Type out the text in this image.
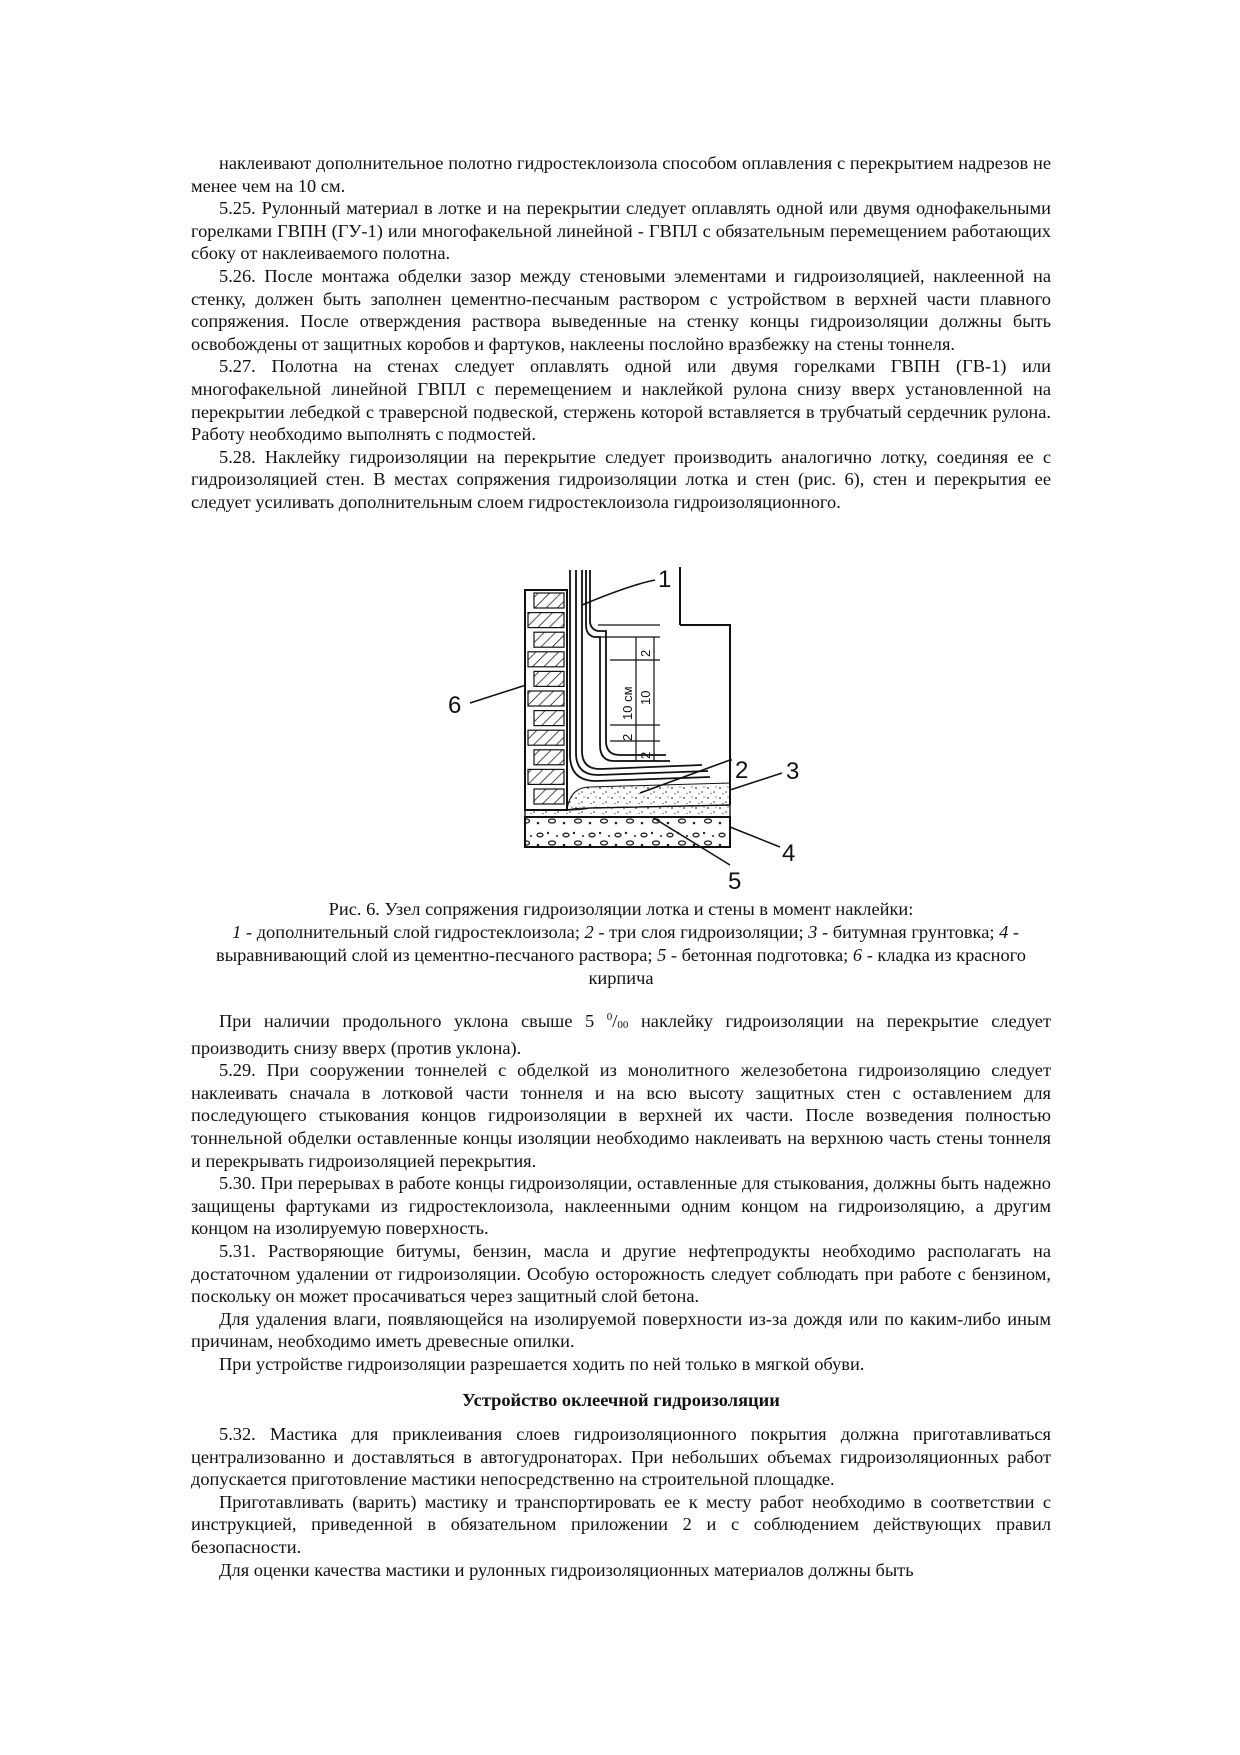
наклеивают дополнительное полотно гидростеклоизола способом оплавления с перекрытием надрезов не менее чем на 10 см.

5.25. Рулонный материал в лотке и на перекрытии следует оплавлять одной или двумя однофакельными горелками ГВПН (ГУ-1) или многофакельной линейной - ГВПЛ с обязательным перемещением работающих сбоку от наклеиваемого полотна.

5.26. После монтажа обделки зазор между стеновыми элементами и гидроизоляцией, наклеенной на стенку, должен быть заполнен цементно-песчаным раствором с устройством в верхней части плавного сопряжения. После отверждения раствора выведенные на стенку концы гидроизоляции должны быть освобождены от защитных коробов и фартуков, наклеены послойно вразбежку на стены тоннеля.

5.27. Полотна на стенах следует оплавлять одной или двумя горелками ГВПН (ГВ-1) или многофакельной линейной ГВПЛ с перемещением и наклейкой рулона снизу вверх установленной на перекрытии лебедкой с траверсной подвеской, стержень которой вставляется в трубчатый сердечник рулона. Работу необходимо выполнять с подмостей.

5.28. Наклейку гидроизоляции на перекрытие следует производить аналогично лотку, соединяя ее с гидроизоляцией стен. В местах сопряжения гидроизоляции лотка и стен (рис. 6), стен и перекрытия ее следует усиливать дополнительным слоем гидростеклоизола гидроизоляционного.

2
10 см 10
2
2
1
2 3
4
5
6
Рис. 6. Узел сопряжения гидроизоляции лотка и стены в момент наклейки:
1 - дополнительный слой гидростеклоизола; 2 - три слоя гидроизоляции; 3 - битумная грунтовка; 4 - выравнивающий слой из цементно-песчаного раствора; 5 - бетонная подготовка; 6 - кладка из красного кирпича

При наличии продольного уклона свыше 5 $^0$/00 наклейку гидроизоляции на перекрытие следует производить снизу вверх (против уклона).

5.29. При сооружении тоннелей с обделкой из монолитного железобетона гидроизоляцию следует наклеивать сначала в лотковой части тоннеля и на всю высоту защитных стен с оставлением для последующего стыкования концов гидроизоляции в верхней их части. После возведения полностью тоннельной обделки оставленные концы изоляции необходимо наклеивать на верхнюю часть стены тоннеля и перекрывать гидроизоляцией перекрытия.

5.30. При перерывах в работе концы гидроизоляции, оставленные для стыкования, должны быть надежно защищены фартуками из гидростеклоизола, наклеенными одним концом на гидроизоляцию, а другим концом на изолируемую поверхность.

5.31. Растворяющие битумы, бензин, масла и другие нефтепродукты необходимо располагать на достаточном удалении от гидроизоляции. Особую осторожность следует соблюдать при работе с бензином, поскольку он может просачиваться через защитный слой бетона.

Для удаления влаги, появляющейся на изолируемой поверхности из-за дождя или по каким-либо иным причинам, необходимо иметь древесные опилки.

При устройстве гидроизоляции разрешается ходить по ней только в мягкой обуви.

Устройство оклеечной гидроизоляции

5.32. Мастика для приклеивания слоев гидроизоляционного покрытия должна приготавливаться централизованно и доставляться в автогудронаторах. При небольших объемах гидроизоляционных работ допускается приготовление мастики непосредственно на строительной площадке.

Приготавливать (варить) мастику и транспортировать ее к месту работ необходимо в соответствии с инструкцией, приведенной в обязательном приложении 2 и с соблюдением действующих правил безопасности.

Для оценки качества мастики и рулонных гидроизоляционных материалов должны быть
